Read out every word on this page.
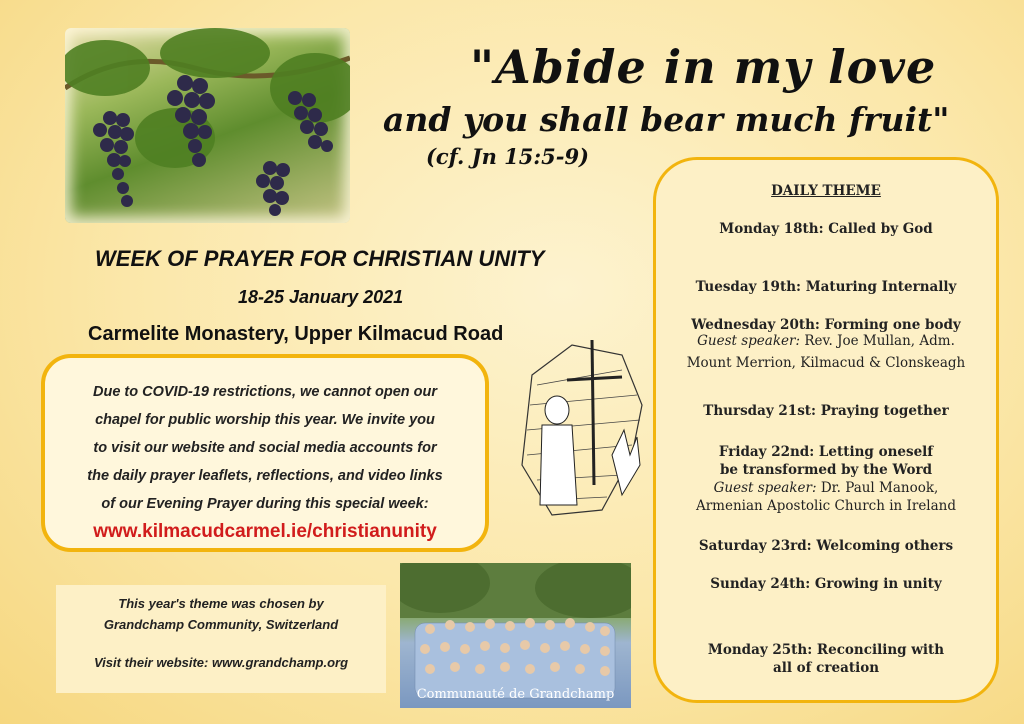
"Abide in my love
and you shall bear much fruit"
(cf. Jn 15:5-9)
WEEK OF PRAYER FOR CHRISTIAN UNITY
18-25 January 2021
Carmelite Monastery, Upper Kilmacud Road
Due to COVID-19 restrictions, we cannot open our
chapel for public worship this year. We invite you
to visit our website and social media accounts for
the daily prayer leaflets, reflections, and video links
of our Evening Prayer during this special week:
www.kilmacudcarmel.ie/christianunity
This year's theme was chosen by
Grandchamp Community, Switzerland
Visit their website: www.grandchamp.org
Communauté de Grandchamp
DAILY THEME
Monday 18th: Called by God
Tuesday 19th: Maturing Internally
Wednesday 20th: Forming one body
Guest speaker: Rev. Joe Mullan, Adm.
Mount Merrion, Kilmacud & Clonskeagh
Thursday 21st: Praying together
Friday 22nd: Letting oneself
be transformed by the Word
Guest speaker: Dr. Paul Manook,
Armenian Apostolic Church in Ireland
Saturday 23rd: Welcoming others
Sunday 24th: Growing in unity
Monday 25th: Reconciling with
all of creation
